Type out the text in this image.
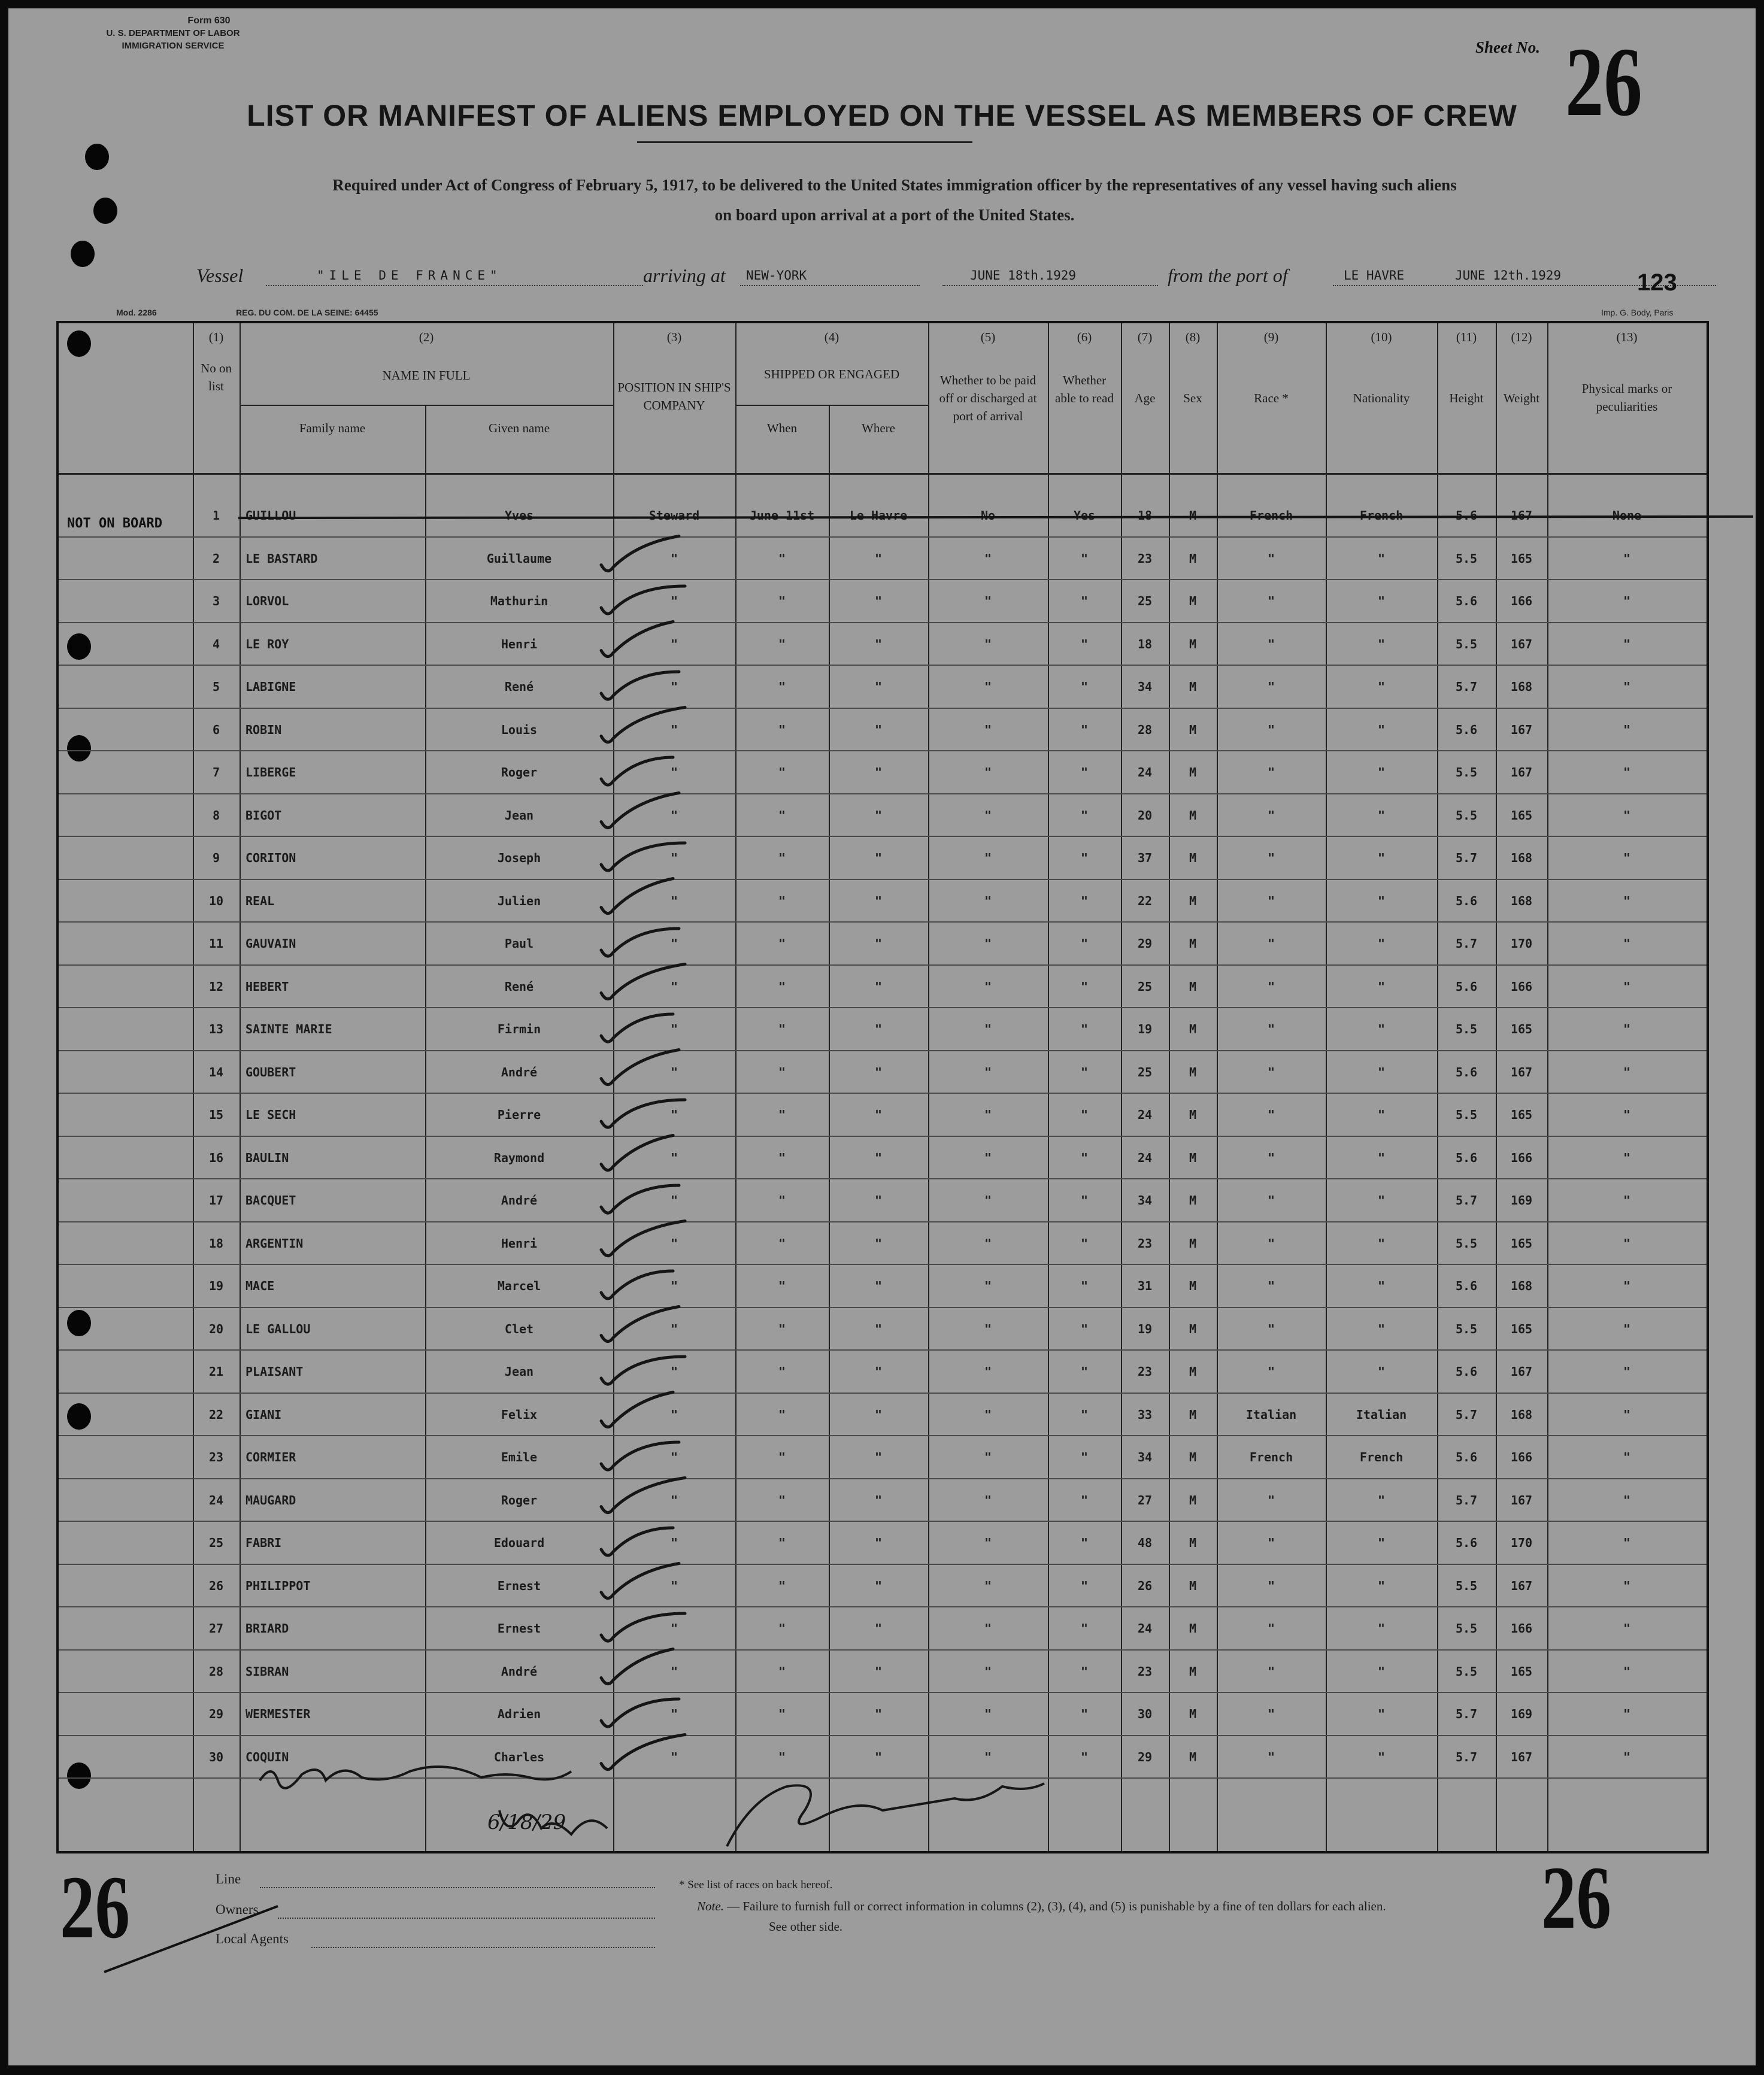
Form 630
U. S. DEPARTMENT OF LABOR
IMMIGRATION SERVICE	Sheet No. 26
LIST OR MANIFEST OF ALIENS EMPLOYED ON THE VESSEL AS MEMBERS OF CREW
Required under Act of Congress of February 5, 1917, to be delivered to the United States immigration officer by the representatives of any vessel having such aliens
on board upon arrival at a port of the United States.
Vessel	"ILE DE FRANCE"	arriving at NEW-YORK	JUNE 18th.1929	from the port of	LE HAVRE	JUNE 12th.1929	123
Mod. 2286	REG. DU COM. DE LA SEINE: 64455	Imp. G. Body, Paris
(1)
No on list
(2)
NAME IN FULL
Family name	Given name
(3)
POSITION IN SHIP'S COMPANY
(4)
SHIPPED OR ENGAGED
When	Where
(5)
Whether to be paid off or discharged at port of arrival
(6)
Whether able to read
(7)
Age
(8)
Sex
(9)
Race *
(10)
Nationality
(11)
Height
(12)
Weight
(13)
Physical marks or peculiarities
NOT ON BOARD
1	GUILLOU	Yves	Steward	June 11st	Le Havre	No	Yes	18	M	French	French	5.6	167	None
2	LE BASTARD	Guillaume	"	"	"	"	"	23	M	"	"	5.5	165	"
3	LORVOL	Mathurin	"	"	"	"	"	25	M	"	"	5.6	166	"
4	LE ROY	Henri	"	"	"	"	"	18	M	"	"	5.5	167	"
5	LABIGNE	René	"	"	"	"	"	34	M	"	"	5.7	168	"
6	ROBIN	Louis	"	"	"	"	"	28	M	"	"	5.6	167	"
7	LIBERGE	Roger	"	"	"	"	"	24	M	"	"	5.5	167	"
8	BIGOT	Jean	"	"	"	"	"	20	M	"	"	5.5	165	"
9	CORITON	Joseph	"	"	"	"	"	37	M	"	"	5.7	168	"
10	REAL	Julien	"	"	"	"	"	22	M	"	"	5.6	168	"
11	GAUVAIN	Paul	"	"	"	"	"	29	M	"	"	5.7	170	"
12	HEBERT	René	"	"	"	"	"	25	M	"	"	5.6	166	"
13	SAINTE MARIE	Firmin	"	"	"	"	"	19	M	"	"	5.5	165	"
14	GOUBERT	André	"	"	"	"	"	25	M	"	"	5.6	167	"
15	LE SECH	Pierre	"	"	"	"	"	24	M	"	"	5.5	165	"
16	BAULIN	Raymond	"	"	"	"	"	24	M	"	"	5.6	166	"
17	BACQUET	André	"	"	"	"	"	34	M	"	"	5.7	169	"
18	ARGENTIN	Henri	"	"	"	"	"	23	M	"	"	5.5	165	"
19	MACE	Marcel	"	"	"	"	"	31	M	"	"	5.6	168	"
20	LE GALLOU	Clet	"	"	"	"	"	19	M	"	"	5.5	165	"
21	PLAISANT	Jean	"	"	"	"	"	23	M	"	"	5.6	167	"
22	GIANI	Felix	"	"	"	"	"	33	M	Italian	Italian	5.7	168	"
23	CORMIER	Emile	"	"	"	"	"	34	M	French	French	5.6	166	"
24	MAUGARD	Roger	"	"	"	"	"	27	M	"	"	5.7	167	"
25	FABRI	Edouard	"	"	"	"	"	48	M	"	"	5.6	170	"
26	PHILIPPOT	Ernest	"	"	"	"	"	26	M	"	"	5.5	167	"
27	BRIARD	Ernest	"	"	"	"	"	24	M	"	"	5.5	166	"
28	SIBRAN	André	"	"	"	"	"	23	M	"	"	5.5	165	"
29	WERMESTER	Adrien	"	"	"	"	"	30	M	"	"	5.7	169	"
30	COQUIN	Charles	"	"	"	"	"	29	M	"	"	5.7	167	"
6/18/29
26	26
Line
Owners
Local Agents
* See list of races on back hereof.
Note. — Failure to furnish full or correct information in columns (2), (3), (4), and (5) is punishable by a fine of ten dollars for each alien.
See other side.
